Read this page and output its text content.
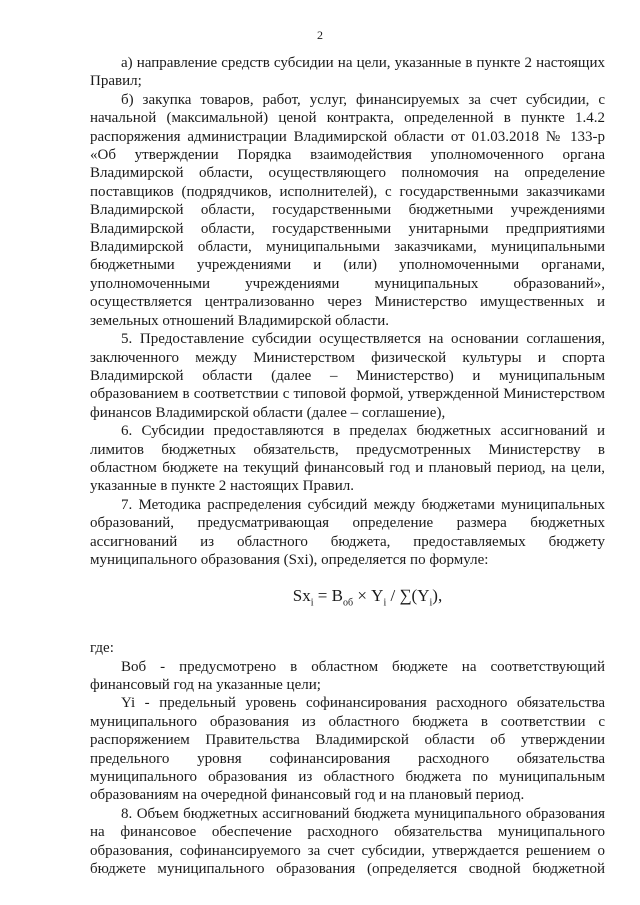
2

а) направление средств субсидии на цели, указанные в пункте 2 настоящих

Правил;

б) закупка товаров, работ, услуг, финансируемых за счет субсидии, с

начальной (максимальной) ценой контракта, определенной в пункте 1.4.2

распоряжения администрации Владимирской области от 01.03.2018 № 133-р

«Об утверждении Порядка взаимодействия уполномоченного органа

Владимирской области, осуществляющего полномочия на определение

поставщиков (подрядчиков, исполнителей), с государственными заказчиками

Владимирской области, государственными бюджетными учреждениями

Владимирской области, государственными унитарными предприятиями

Владимирской области, муниципальными заказчиками, муниципальными

бюджетными учреждениями и (или) уполномоченными органами,

уполномоченными учреждениями муниципальных образований»,

осуществляется централизованно через Министерство имущественных и

земельных отношений Владимирской области.

5. Предоставление субсидии осуществляется на основании соглашения,

заключенного между Министерством физической культуры и спорта

Владимирской области (далее – Министерство) и муниципальным

образованием в соответствии с типовой формой, утвержденной Министерством

финансов Владимирской области (далее – соглашение),

6. Субсидии предоставляются в пределах бюджетных ассигнований и

лимитов бюджетных обязательств, предусмотренных Министерству в

областном бюджете на текущий финансовый год и плановый период, на цели,

указанные в пункте 2 настоящих Правил.

7. Методика распределения субсидий между бюджетами муниципальных

образований, предусматривающая определение размера бюджетных

ассигнований из областного бюджета, предоставляемых бюджету

муниципального образования (Sxi), определяется по формуле:

$Sx_i = B_{об} \times Y_i / \sum(Y_i)$,

где:

Воб - предусмотрено в областном бюджете на соответствующий

финансовый год на указанные цели;

Yi - предельный уровень софинансирования расходного обязательства

муниципального образования из областного бюджета в соответствии с

распоряжением Правительства Владимирской области об утверждении

предельного уровня софинансирования расходного обязательства

муниципального образования из областного бюджета по муниципальным

образованиям на очередной финансовый год и на плановый период.

8. Объем бюджетных ассигнований бюджета муниципального образования

на финансовое обеспечение расходного обязательства муниципального

образования, софинансируемого за счет субсидии, утверждается решением о

бюджете муниципального образования (определяется сводной бюджетной
